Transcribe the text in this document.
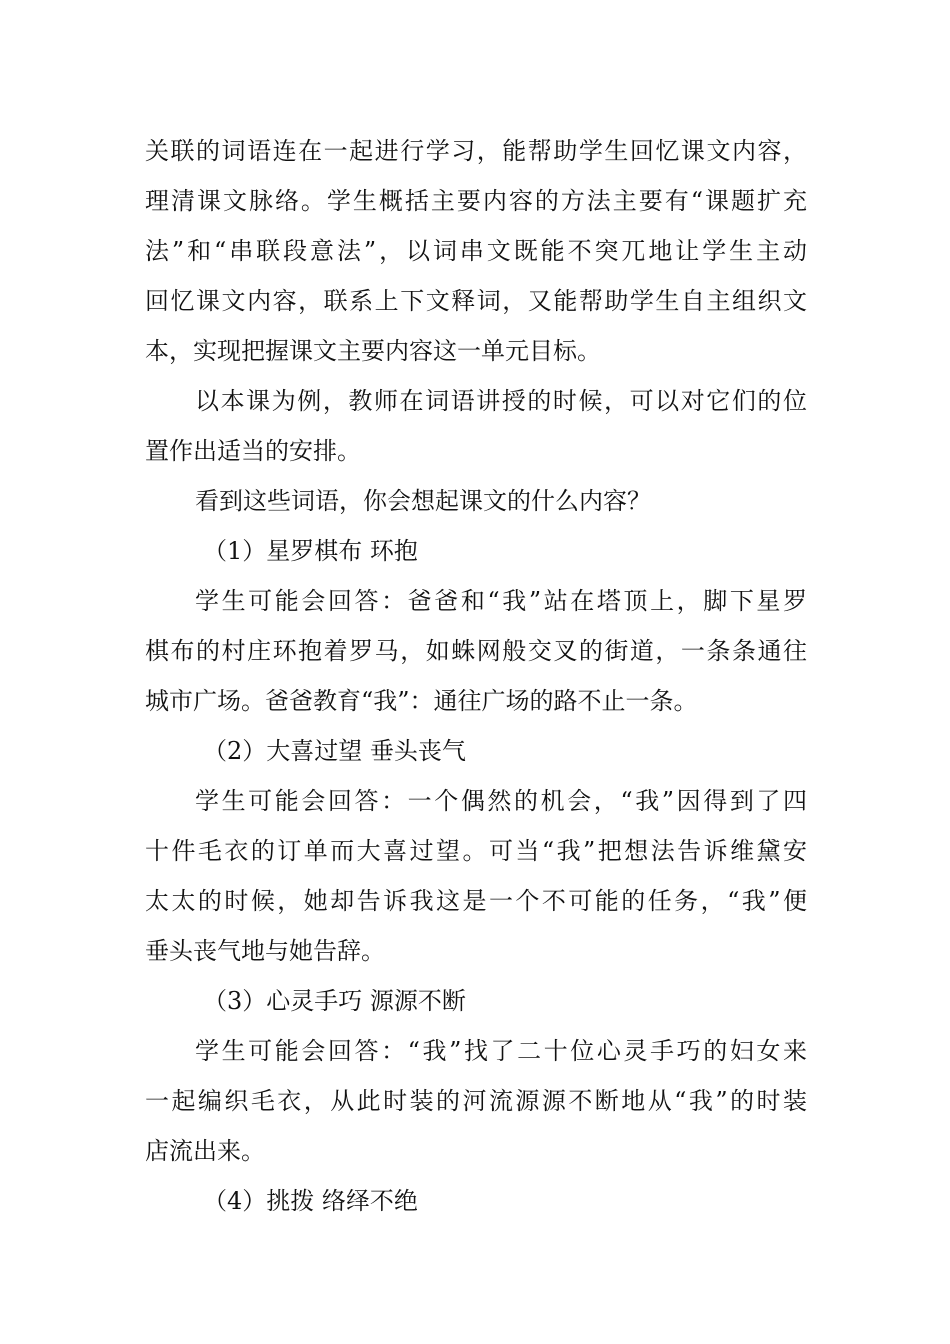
关联的词语连在一起进行学习，能帮助学生回忆课文内容，
理清课文脉络。学生概括主要内容的方法主要有“课题扩充
法”和“串联段意法”，以词串文既能不突兀地让学生主动
回忆课文内容，联系上下文释词，又能帮助学生自主组织文
本，实现把握课文主要内容这一单元目标。
以本课为例，教师在词语讲授的时候，可以对它们的位
置作出适当的安排。
看到这些词语，你会想起课文的什么内容？
（1）星罗棋布 环抱
学生可能会回答：爸爸和“我”站在塔顶上，脚下星罗
棋布的村庄环抱着罗马，如蛛网般交叉的街道，一条条通往
城市广场。爸爸教育“我”：通往广场的路不止一条。
（2）大喜过望 垂头丧气
学生可能会回答：一个偶然的机会，“我”因得到了四
十件毛衣的订单而大喜过望。可当“我”把想法告诉维黛安
太太的时候，她却告诉我这是一个不可能的任务，“我”便
垂头丧气地与她告辞。
（3）心灵手巧 源源不断
学生可能会回答：“我”找了二十位心灵手巧的妇女来
一起编织毛衣，从此时装的河流源源不断地从“我”的时装
店流出来。
（4）挑拨 络绎不绝
